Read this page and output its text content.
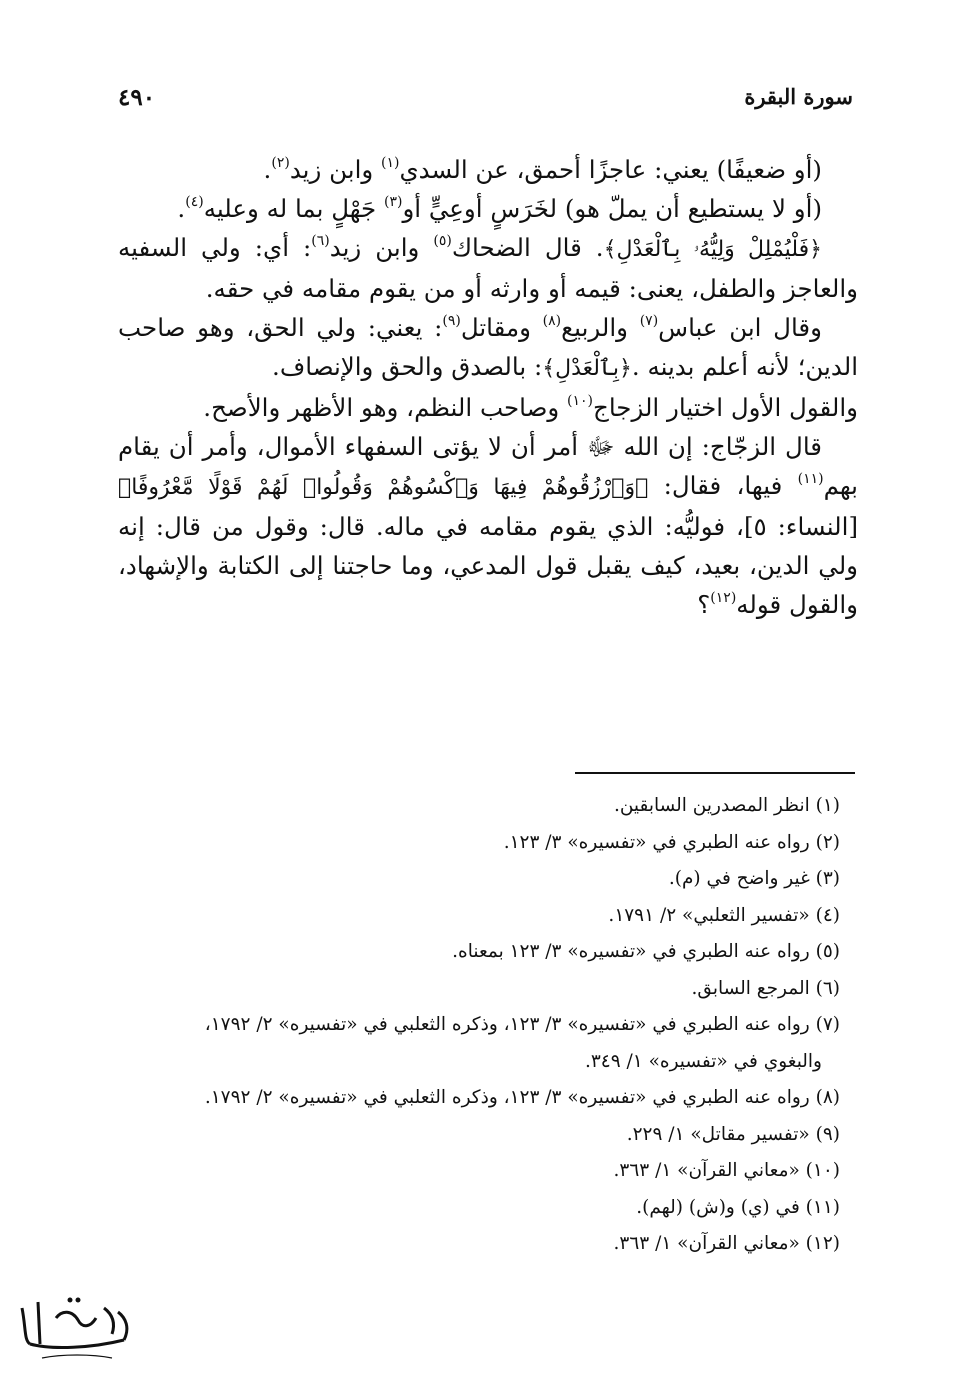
سورة البقرة
٤٩٠

(أو ضعيفًا) يعني: عاجزًا أحمق، عن السدي$^{(١)}$ وابن زيد$^{(٢)}$.

(أو لا يستطيع أن يملّ هو) لخَرَسٍ أوعِيٍّ أو$^{(٣)}$ جَهْلٍ بما له وعليه$^{(٤)}$.

﴿فَلْيُمْلِلْ وَلِيُّهُۥ بِٱلْعَدْلِ﴾. قال الضحاك$^{(٥)}$ وابن زيد$^{(٦)}$: أي: ولي السفيه والعاجز والطفل، يعنى: قيمه أو وارثه أو من يقوم مقامه في حقه.

وقال ابن عباس$^{(٧)}$ والربيع$^{(٨)}$ ومقاتل$^{(٩)}$: يعني: ولي الحق، وهو صاحب الدين؛ لأنه أعلم بدينه .﴿بِٱلْعَدْلِ﴾: بالصدق والحق والإنصاف.

والقول الأول اختيار الزجاج$^{(١٠)}$ وصاحب النظم، وهو الأظهر والأصح.

قال الزجّاج: إن الله ﷻ أمر أن لا يؤتى السفهاء الأموال، وأمر أن يقام بهم$^{(١١)}$ فيها، فقال: ﴿وَٱرْزُقُوهُمْ فِيهَا وَٱكْسُوهُمْ وَقُولُوا۟ لَهُمْ قَوْلًا مَّعْرُوفًا﴾ [النساء: ٥]، فوليُّه: الذي يقوم مقامه في ماله. قال: وقول من قال: إنه ولي الدين، بعيد، كيف يقبل قول المدعي، وما حاجتنا إلى الكتابة والإشهاد، والقول قوله$^{(١٢)}$؟

(١) انظر المصدرين السابقين.
(٢) رواه عنه الطبري في «تفسيره» ٣/ ١٢٣.
(٣) غير واضح في (م).
(٤) «تفسير الثعلبي» ٢/ ١٧٩١.
(٥) رواه عنه الطبري في «تفسيره» ٣/ ١٢٣ بمعناه.
(٦) المرجع السابق.
(٧) رواه عنه الطبري في «تفسيره» ٣/ ١٢٣، وذكره الثعلبي في «تفسيره» ٢/ ١٧٩٢،
والبغوي في «تفسيره» ١/ ٣٤٩.
(٨) رواه عنه الطبري في «تفسيره» ٣/ ١٢٣، وذكره الثعلبي في «تفسيره» ٢/ ١٧٩٢.
(٩) «تفسير مقاتل» ١/ ٢٢٩.
(١٠) «معاني القرآن» ١/ ٣٦٣.
(١١) في (ي) و(ش) (لهم).
(١٢) «معاني القرآن» ١/ ٣٦٣.
